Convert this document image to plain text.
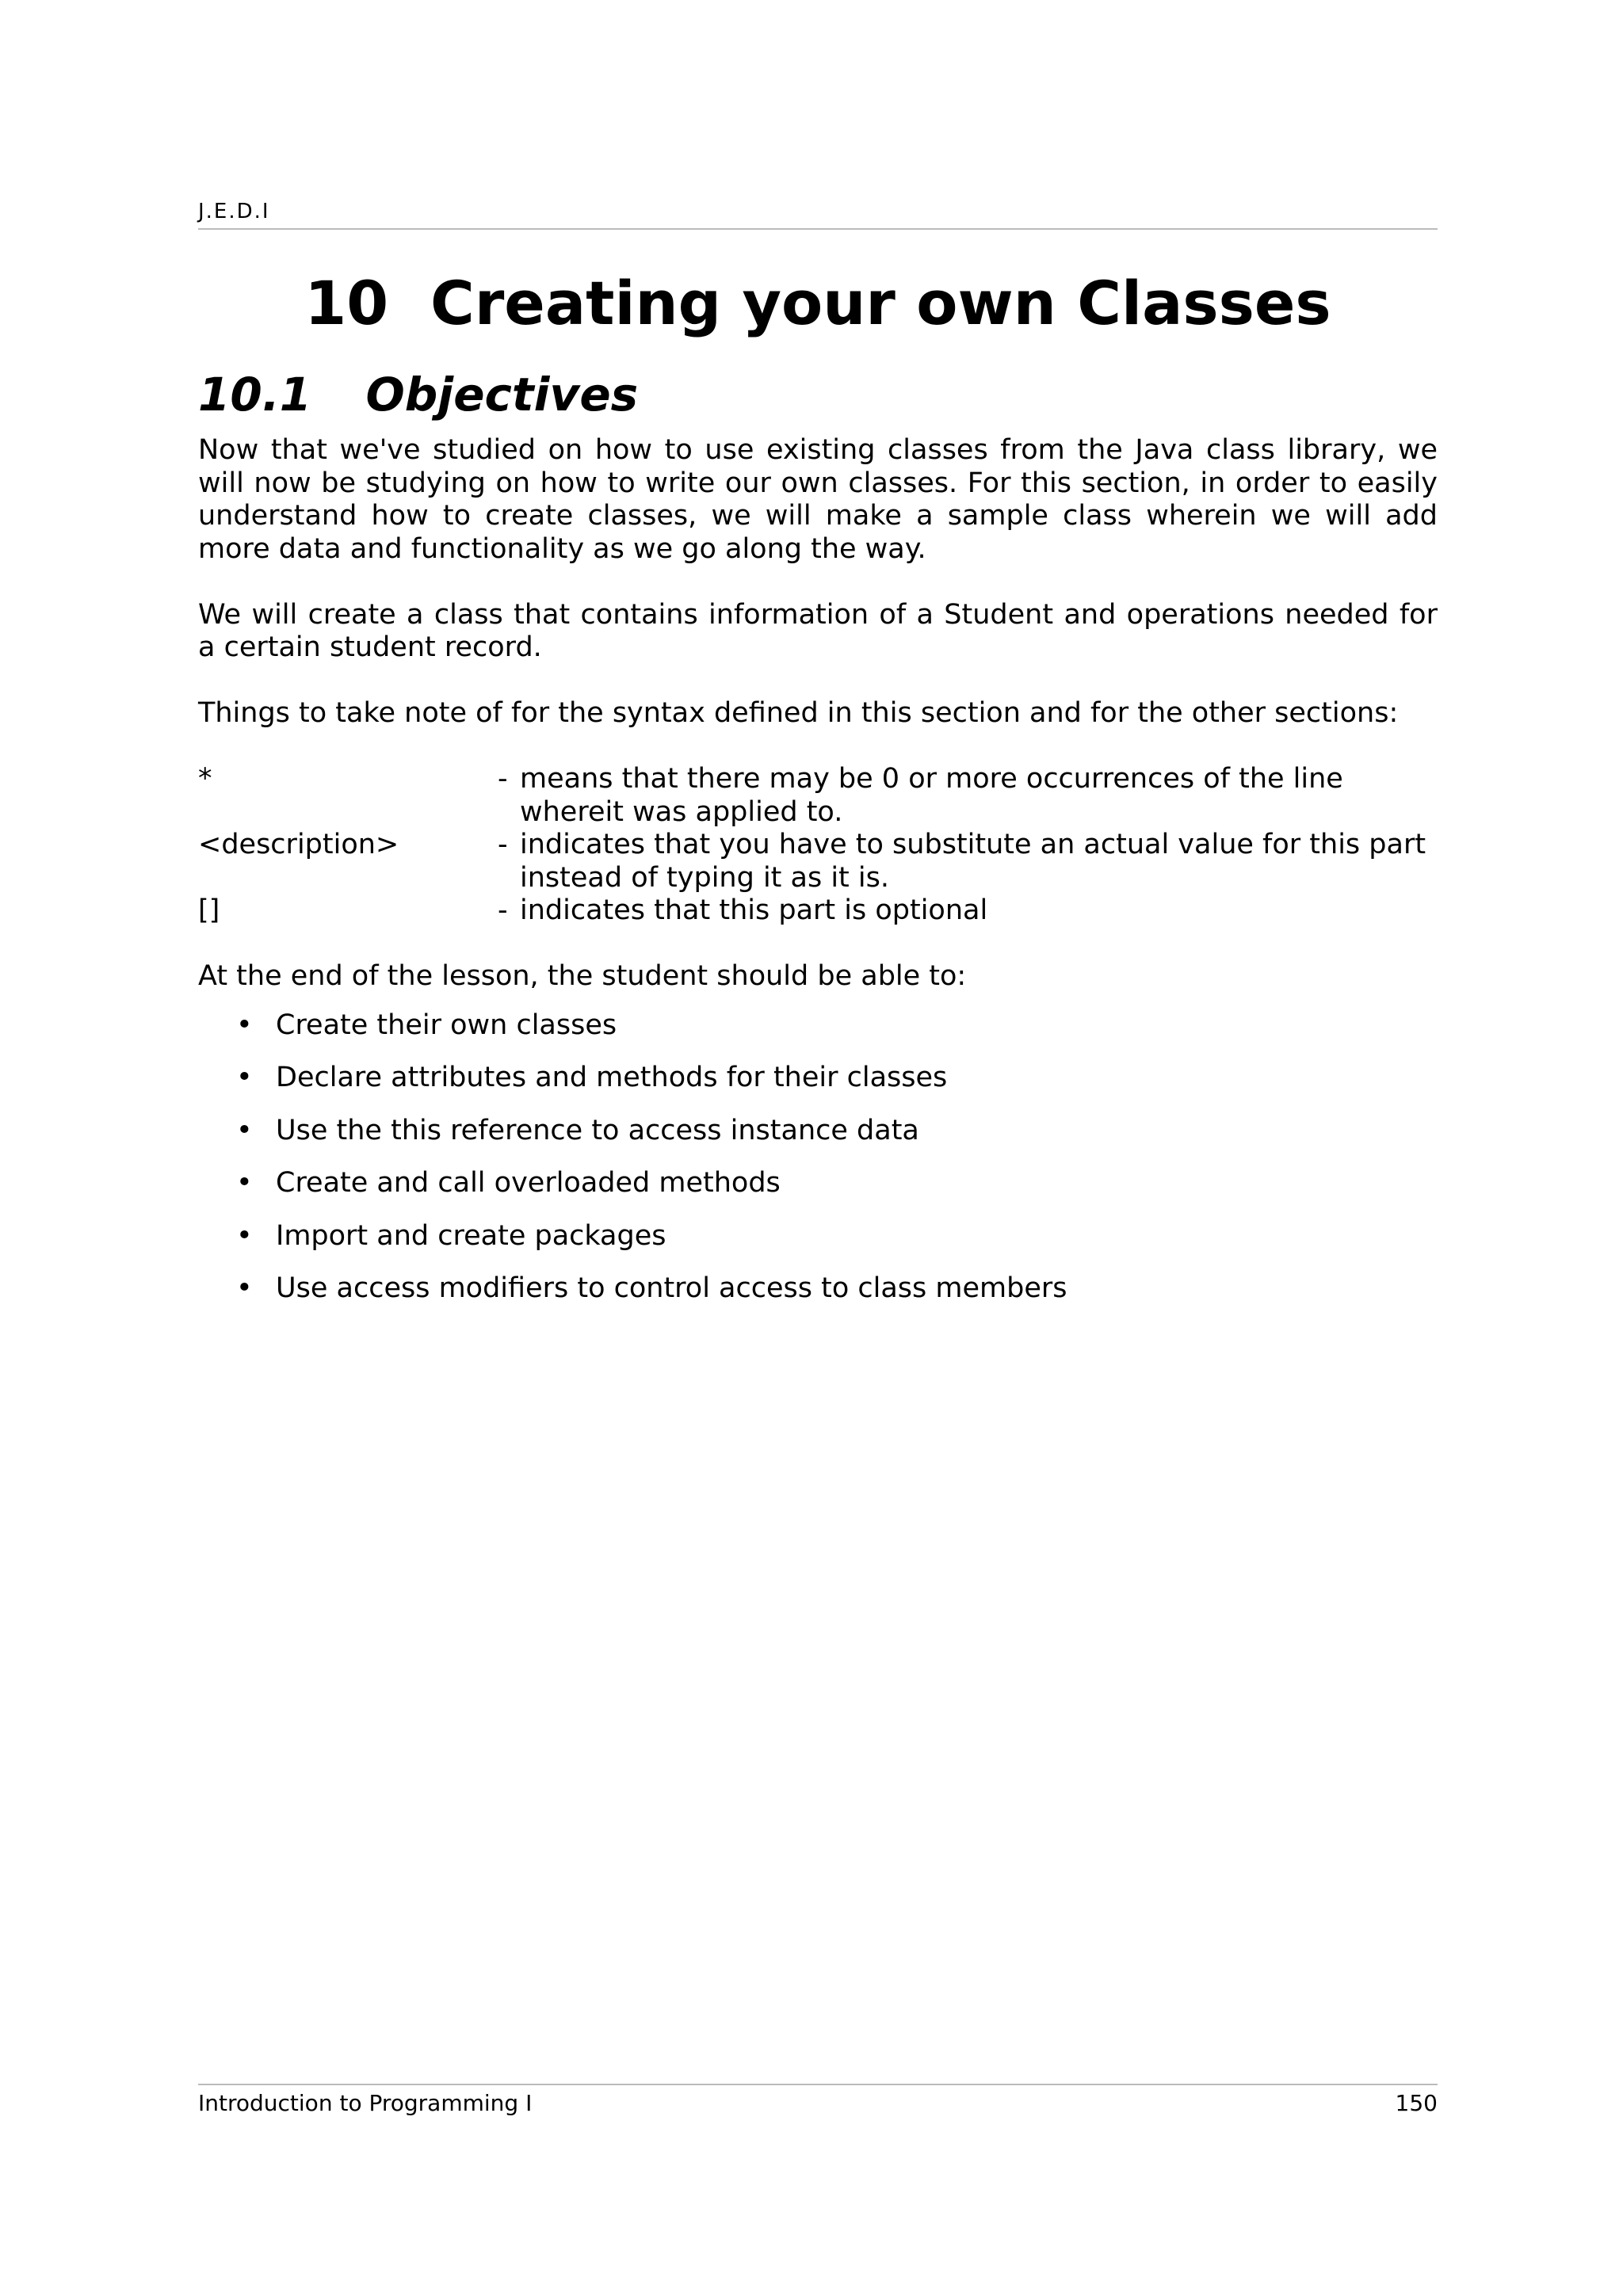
J.E.D.I
10  Creating your own Classes
10.1  Objectives

Now that we've studied on how to use existing classes from the Java class library, we will now be studying on how to write our own classes. For this section, in order to easily understand how to create classes, we will make a sample class wherein we will add more data and functionality as we go along the way.

We will create a class that contains information of a Student and operations needed for a certain student record.

Things to take note of for the syntax defined in this section and for the other sections:

*	- means that there may be 0 or more occurrences of the line whereit was applied to.
<description>	- indicates that you have to substitute an actual value for this part instead of typing it as it is.
[]	- indicates that this part is optional

At the end of the lesson, the student should be able to:

• Create their own classes
• Declare attributes and methods for their classes
• Use the this reference to access instance data
• Create and call overloaded methods
• Import and create packages
• Use access modifiers to control access to class members
Introduction to Programming I	150
